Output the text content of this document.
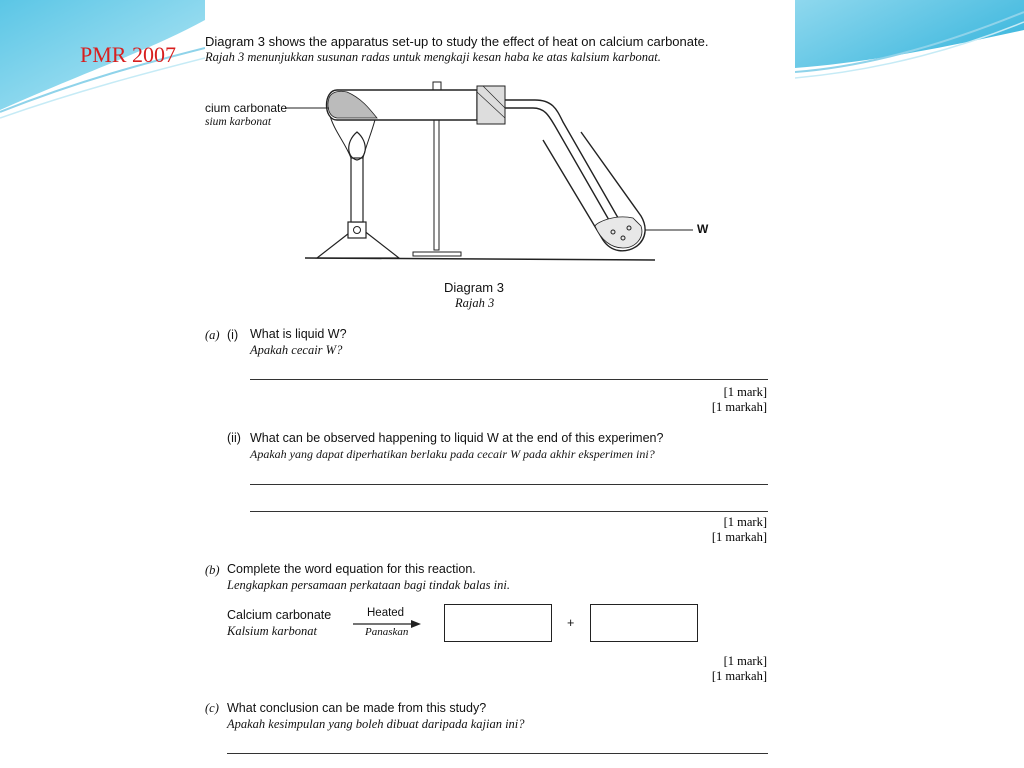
PMR 2007
Diagram 3 shows the apparatus set-up to study the effect of heat on calcium carbonate.
Rajah 3 menunjukkan susunan radas untuk mengkaji kesan haba ke atas kalsium karbonat.
cium carbonate
sium karbonat
W
Diagram 3
Rajah 3
(a) (i) What is liquid W?
Apakah cecair W?
[1 mark]
[1 markah]
(ii) What can be observed happening to liquid W at the end of this experimen?
Apakah yang dapat diperhatikan berlaku pada cecair W pada akhir eksperimen ini?
[1 mark]
[1 markah]
(b) Complete the word equation for this reaction.
Lengkapkan persamaan perkataan bagi tindak balas ini.
Calcium carbonate
Kalsium karbonat
Heated
Panaskan
+
[1 mark]
[1 markah]
(c) What conclusion can be made from this study?
Apakah kesimpulan yang boleh dibuat daripada kajian ini?
